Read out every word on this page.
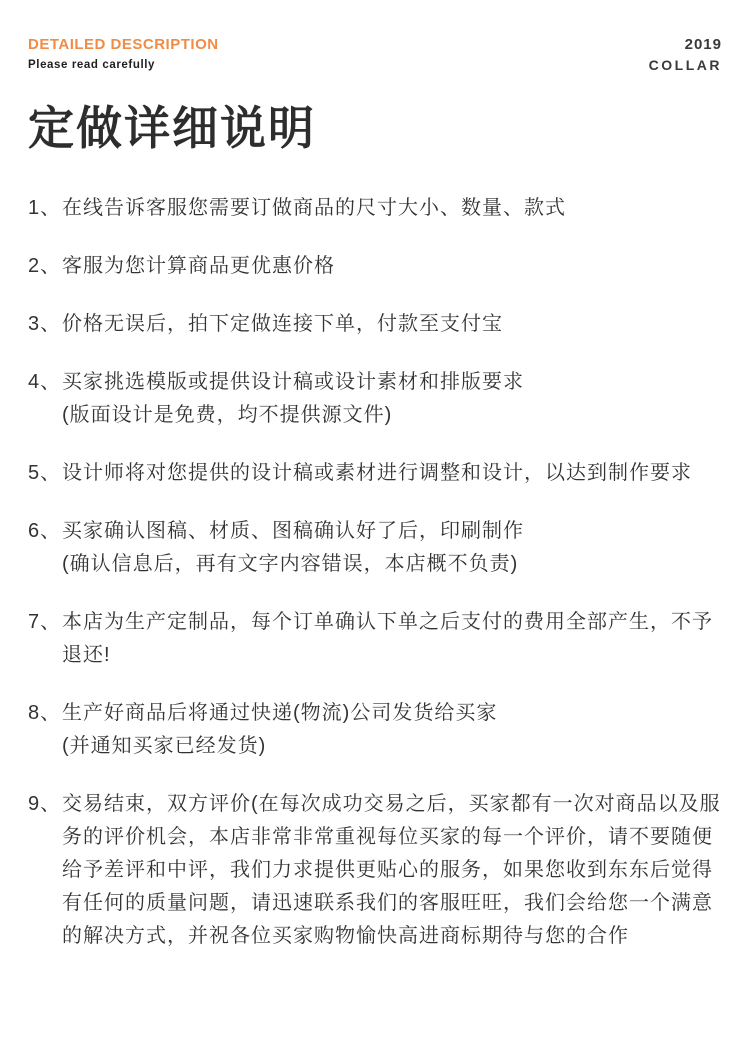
DETAILED DESCRIPTION
Please read carefully
2019
COLLAR
定做详细说明
1、 在线告诉客服您需要订做商品的尺寸大小、数量、款式
2、 客服为您计算商品更优惠价格
3、 价格无误后，拍下定做连接下单，付款至支付宝
4、 买家挑选模版或提供设计稿或设计素材和排版要求
(版面设计是免费，均不提供源文件)
5、 设计师将对您提供的设计稿或素材进行调整和设计，以达到制作要求
6、 买家确认图稿、材质、图稿确认好了后，印刷制作
(确认信息后，再有文字内容错误，本店概不负责)
7、 本店为生产定制品，每个订单确认下单之后支付的费用全部产生，不予退还!
8、 生产好商品后将通过快递(物流)公司发货给买家
(并通知买家已经发货)
9、 交易结束，双方评价(在每次成功交易之后，买家都有一次对商品以及服务的评价机会，本店非常非常重视每位买家的每一个评价，请不要随便给予差评和中评，我们力求提供更贴心的服务，如果您收到东东后觉得有任何的质量问题，请迅速联系我们的客服旺旺，我们会给您一个满意的解决方式，并祝各位买家购物愉快高进商标期待与您的合作
